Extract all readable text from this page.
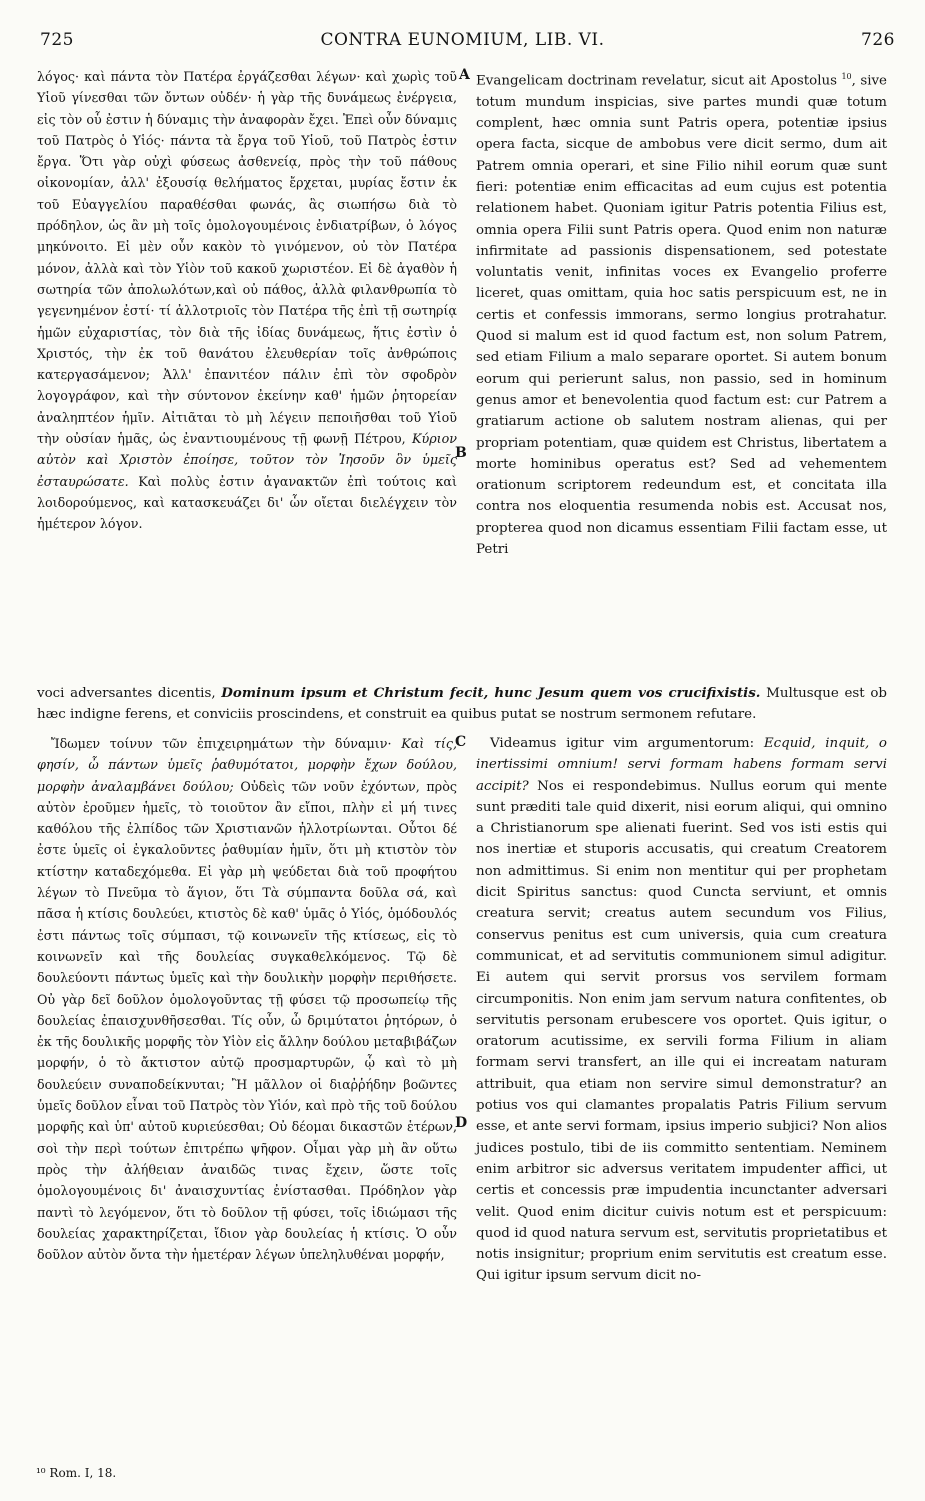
725	CONTRA EUNOMIUM, LIB. VI.	726

λόγος· καὶ πάντα τὸν Πατέρα ἐργάζεσθαι λέγων· καὶ χωρὶς τοῦ Υἱοῦ γίνεσθαι τῶν ὄντων οὐδέν· ἡ γὰρ τῆς δυνάμεως ἐνέργεια, εἰς τὸν οὗ ἐστιν ἡ δύναμις τὴν ἀναφορὰν ἔχει. Ἐπεὶ οὖν δύναμις τοῦ Πατρὸς ὁ Υἱός· πάντα τὰ ἔργα τοῦ Υἱοῦ, τοῦ Πατρὸς ἐστιν ἔργα. Ὅτι γὰρ οὐχὶ φύσεως ἀσθενείᾳ, πρὸς τὴν τοῦ πάθους οἰκονομίαν, ἀλλ' ἐξουσίᾳ θελήματος ἔρχεται, μυρίας ἔστιν ἐκ τοῦ Εὐαγγελίου παραθέσθαι φωνάς, ἃς σιωπήσω διὰ τὸ πρόδηλον, ὡς ἂν μὴ τοῖς ὁμολογουμένοις ἐνδιατρίβων, ὁ λόγος μηκύνοιτο. Εἰ μὲν οὖν κακὸν τὸ γινόμενον, οὐ τὸν Πατέρα μόνον, ἀλλὰ καὶ τὸν Υἱὸν τοῦ κακοῦ χωριστέον. Εἰ δὲ ἀγαθὸν ἡ σωτηρία τῶν ἀπολωλότων,καὶ οὐ πάθος, ἀλλὰ φιλανθρωπία τὸ γεγενημένον ἐστί· τί ἀλλοτριοῖς τὸν Πατέρα τῆς ἐπὶ τῇ σωτηρίᾳ ἡμῶν εὐχαριστίας, τὸν διὰ τῆς ἰδίας δυνάμεως, ἥτις ἐστὶν ὁ Χριστός, τὴν ἐκ τοῦ θανάτου ἐλευθερίαν τοῖς ἀνθρώποις κατεργασάμενον; Ἀλλ' ἐπανιτέον πάλιν ἐπὶ τὸν σφοδρὸν λογογράφον, καὶ τὴν σύντονον ἐκείνην καθ' ἡμῶν ῥητορείαν ἀναληπτέον ἡμῖν. Αἰτιᾶται τὸ μὴ λέγειν πεποιῆσθαι τοῦ Υἱοῦ τὴν οὐσίαν ἡμᾶς, ὡς ἐναντιουμένους τῇ φωνῇ Πέτρου, Κύριον αὐτὸν καὶ Χριστὸν ἐποίησε, τοῦτον τὸν Ἰησοῦν ὃν ὑμεῖς ἐσταυρώσατε. Καὶ πολὺς ἐστιν ἀγανακτῶν ἐπὶ τούτοις καὶ λοιδορούμενος, καὶ κατασκευάζει δι' ὧν οἴεται διελέγχειν τὸν ἡμέτερον λόγον.

A
B

Evangelicam doctrinam revelatur, sicut ait Apostolus $^{10}$, sive totum mundum inspicias, sive partes mundi quæ totum complent, hæc omnia sunt Patris opera, potentiæ ipsius opera facta, sicque de ambobus vere dicit sermo, dum ait Patrem omnia operari, et sine Filio nihil eorum quæ sunt fieri: potentiæ enim efficacitas ad eum cujus est potentia relationem habet. Quoniam igitur Patris potentia Filius est, omnia opera Filii sunt Patris opera. Quod enim non naturæ infirmitate ad passionis dispensationem, sed potestate voluntatis venit, infinitas voces ex Evangelio proferre liceret, quas omittam, quia hoc satis perspicuum est, ne in certis et confessis immorans, sermo longius protrahatur. Quod si malum est id quod factum est, non solum Patrem, sed etiam Filium a malo separare oportet. Si autem bonum eorum qui perierunt salus, non passio, sed in hominum genus amor et benevolentia quod factum est: cur Patrem a gratiarum actione ob salutem nostram alienas, qui per propriam potentiam, quæ quidem est Christus, libertatem a morte hominibus operatus est? Sed ad vehementem orationum scriptorem redeundum est, et concitata illa contra nos eloquentia resumenda nobis est. Accusat nos, propterea quod non dicamus essentiam Filii factam esse, ut Petri

voci adversantes dicentis, Dominum ipsum et Christum fecit, hunc Jesum quem vos crucifixistis. Multusque est ob hæc indigne ferens, et conviciis proscindens, et construit ea quibus putat se nostrum sermonem refutare.

Ἴδωμεν τοίνυν τῶν ἐπιχειρημάτων τὴν δύναμιν· Καὶ τίς, φησίν, ὦ πάντων ὑμεῖς ῥαθυμότατοι, μορφὴν ἔχων δούλου, μορφὴν ἀναλαμβάνει δούλου; Οὐδεὶς τῶν νοῦν ἐχόντων, πρὸς αὐτὸν ἐροῦμεν ἡμεῖς, τὸ τοιοῦτον ἂν εἴποι, πλὴν εἰ μή τινες καθόλου τῆς ἐλπίδος τῶν Χριστιανῶν ἠλλοτρίωνται. Οὗτοι δέ ἐστε ὑμεῖς οἱ ἐγκαλοῦντες ῥαθυμίαν ἡμῖν, ὅτι μὴ κτιστὸν τὸν κτίστην καταδεχόμεθα. Εἰ γὰρ μὴ ψεύδεται διὰ τοῦ προφήτου λέγων τὸ Πνεῦμα τὸ ἅγιον, ὅτι Τὰ σύμπαντα δοῦλα σά, καὶ πᾶσα ἡ κτίσις δουλεύει, κτιστὸς δὲ καθ' ὑμᾶς ὁ Υἱός, ὁμόδουλός ἐστι πάντως τοῖς σύμπασι, τῷ κοινωνεῖν τῆς κτίσεως, εἰς τὸ κοινωνεῖν καὶ τῆς δουλείας συγκαθελκόμενος. Τῷ δὲ δουλεύοντι πάντως ὑμεῖς καὶ τὴν δουλικὴν μορφὴν περιθήσετε. Οὐ γὰρ δεῖ δοῦλον ὁμολογοῦντας τῇ φύσει τῷ προσωπείῳ τῆς δουλείας ἐπαισχυνθῆσεσθαι. Τίς οὖν, ὦ δριμύτατοι ῥητόρων, ὁ ἐκ τῆς δουλικῆς μορφῆς τὸν Υἱὸν εἰς ἄλλην δούλου μεταβιβάζων μορφήν, ὁ τὸ ἄκτιστον αὐτῷ προσμαρτυρῶν, ᾧ καὶ τὸ μὴ δουλεύειν συναποδείκνυται; Ἢ μᾶλλον οἱ διαῤῥήδην βοῶντες ὑμεῖς δοῦλον εἶναι τοῦ Πατρὸς τὸν Υἱόν, καὶ πρὸ τῆς τοῦ δούλου μορφῆς καὶ ὑπ' αὐτοῦ κυριεύεσθαι; Οὐ δέομαι δικαστῶν ἑτέρων, σοὶ τὴν περὶ τούτων ἐπιτρέπω ψῆφον. Οἶμαι γὰρ μὴ ἂν οὕτω πρὸς τὴν ἀλήθειαν ἀναιδῶς τινας ἔχειν, ὥστε τοῖς ὁμολογουμένοις δι' ἀναισχυντίας ἐνίστασθαι. Πρόδηλον γὰρ παντὶ τὸ λεγόμενον, ὅτι τὸ δοῦλον τῇ φύσει, τοῖς ἰδιώμασι τῆς δουλείας χαρακτηρίζεται, ἴδιον γὰρ δουλείας ἡ κτίσις. Ὁ οὖν δοῦλον αὐτὸν ὄντα τὴν ἡμετέραν λέγων ὑπεληλυθέναι μορφήν,

C
D

Videamus igitur vim argumentorum: Ecquid, inquit, o inertissimi omnium! servi formam habens formam servi accipit? Nos ei respondebimus. Nullus eorum qui mente sunt præditi tale quid dixerit, nisi eorum aliqui, qui omnino a Christianorum spe alienati fuerint. Sed vos isti estis qui nos inertiæ et stuporis accusatis, qui creatum Creatorem non admittimus. Si enim non mentitur qui per prophetam dicit Spiritus sanctus: quod Cuncta serviunt, et omnis creatura servit; creatus autem secundum vos Filius, conservus penitus est cum universis, quia cum creatura communicat, et ad servitutis communionem simul adigitur. Ei autem qui servit prorsus vos servilem formam circumponitis. Non enim jam servum natura confitentes, ob servitutis personam erubescere vos oportet. Quis igitur, o oratorum acutissime, ex servili forma Filium in aliam formam servi transfert, an ille qui ei increatam naturam attribuit, qua etiam non servire simul demonstratur? an potius vos qui clamantes propalatis Patris Filium servum esse, et ante servi formam, ipsius imperio subjici? Non alios judices postulo, tibi de iis committo sententiam. Neminem enim arbitror sic adversus veritatem impudenter affici, ut certis et concessis præ impudentia incunctanter adversari velit. Quod enim dicitur cuivis notum est et perspicuum: quod id quod natura servum est, servitutis proprietatibus et notis insignitur; proprium enim servitutis est creatum esse. Qui igitur ipsum servum dicit no-

¹⁰ Rom. I, 18.
